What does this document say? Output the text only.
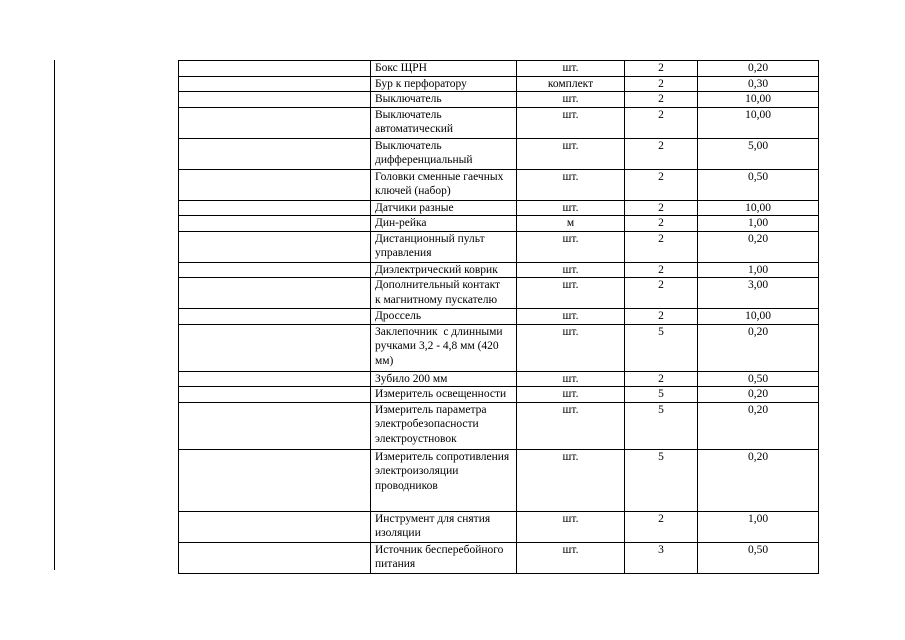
	Бокс ЩРН	шт.	2	0,20
	Бур к перфоратору	комплект	2	0,30
	Выключатель	шт.	2	10,00
	Выключатель
автоматический	шт.	2	10,00
	Выключатель
дифференциальный	шт.	2	5,00
	Головки сменные гаечных
ключей (набор)	шт.	2	0,50
	Датчики разные	шт.	2	10,00
	Дин-рейка	м	2	1,00
	Дистанционный пульт
управления	шт.	2	0,20
	Диэлектрический коврик	шт.	2	1,00
	Дополнительный контакт
к магнитному пускателю	шт.	2	3,00
	Дроссель	шт.	2	10,00
	Заклепочник  с длинными
ручками 3,2 - 4,8 мм (420
мм)	шт.	5	0,20
	Зубило 200 мм	шт.	2	0,50
	Измеритель освещенности	шт.	5	0,20
	Измеритель параметра
электробезопасности
электроустновок	шт.	5	0,20
	Измеритель сопротивления
электроизоляции
проводников	шт.	5	0,20
	Инструмент для снятия
изоляции	шт.	2	1,00
	Источник бесперебойного
питания	шт.	3	0,50
